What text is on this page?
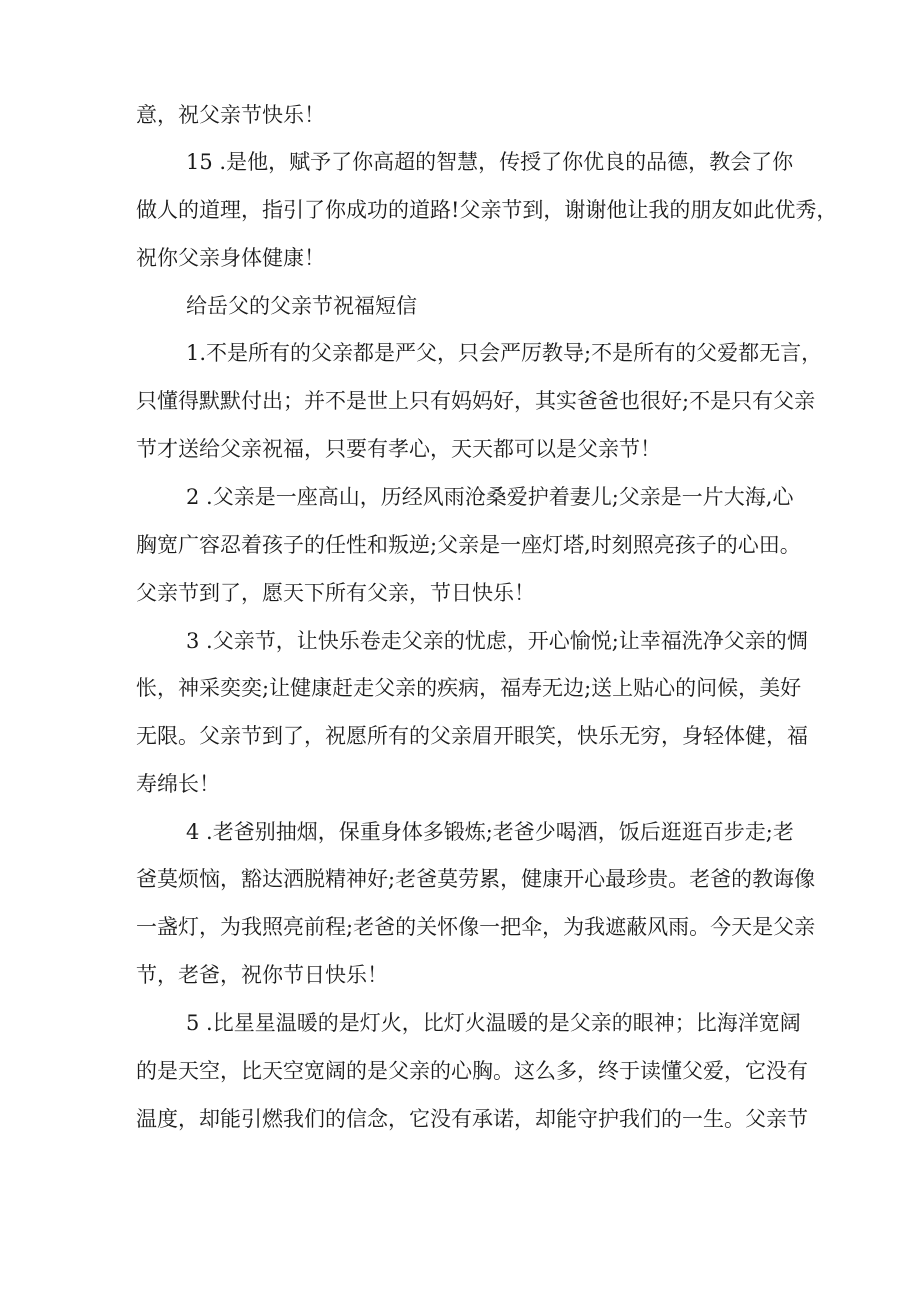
意，祝父亲节快乐！
15 .是他，赋予了你高超的智慧，传授了你优良的品德，教会了你
做人的道理，指引了你成功的道路!父亲节到，谢谢他让我的朋友如此优秀，
祝你父亲身体健康！
给岳父的父亲节祝福短信
1.不是所有的父亲都是严父，只会严厉教导;不是所有的父爱都无言，
只懂得默默付出；并不是世上只有妈妈好，其实爸爸也很好;不是只有父亲
节才送给父亲祝福，只要有孝心，天天都可以是父亲节！
2 .父亲是一座高山，历经风雨沧桑爱护着妻儿;父亲是一片大海,心
胸宽广容忍着孩子的任性和叛逆;父亲是一座灯塔,时刻照亮孩子的心田。
父亲节到了，愿天下所有父亲，节日快乐！
3 .父亲节，让快乐卷走父亲的忧虑，开心愉悦;让幸福洗净父亲的惆
怅，神采奕奕;让健康赶走父亲的疾病，福寿无边;送上贴心的问候，美好
无限。父亲节到了，祝愿所有的父亲眉开眼笑，快乐无穷，身轻体健，福
寿绵长！
4 .老爸别抽烟，保重身体多锻炼;老爸少喝酒，饭后逛逛百步走;老
爸莫烦恼，豁达洒脱精神好;老爸莫劳累，健康开心最珍贵。老爸的教诲像
一盏灯，为我照亮前程;老爸的关怀像一把伞，为我遮蔽风雨。今天是父亲
节，老爸，祝你节日快乐！
5 .比星星温暖的是灯火，比灯火温暖的是父亲的眼神；比海洋宽阔
的是天空，比天空宽阔的是父亲的心胸。这么多，终于读懂父爱，它没有
温度，却能引燃我们的信念，它没有承诺，却能守护我们的一生。父亲节
